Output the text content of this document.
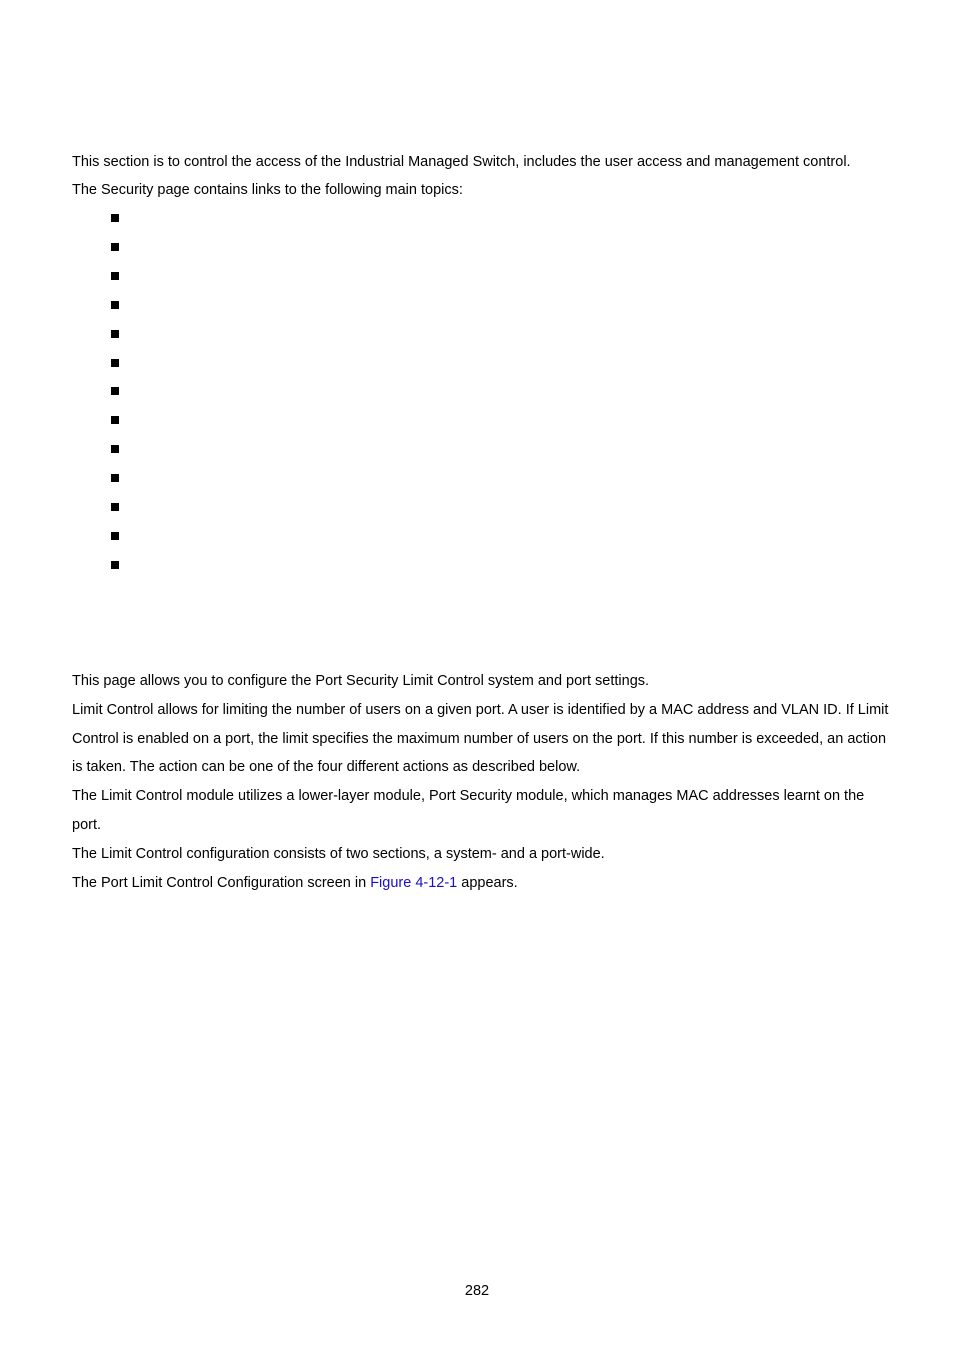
This section is to control the access of the Industrial Managed Switch, includes the user access and management control.
The Security page contains links to the following main topics:
This page allows you to configure the Port Security Limit Control system and port settings.
Limit Control allows for limiting the number of users on a given port. A user is identified by a MAC address and VLAN ID. If Limit
Control is enabled on a port, the limit specifies the maximum number of users on the port. If this number is exceeded, an action
is taken. The action can be one of the four different actions as described below.
The Limit Control module utilizes a lower-layer module, Port Security module, which manages MAC addresses learnt on the
port.
The Limit Control configuration consists of two sections, a system- and a port-wide.
The Port Limit Control Configuration screen in Figure 4-12-1 appears.
282
